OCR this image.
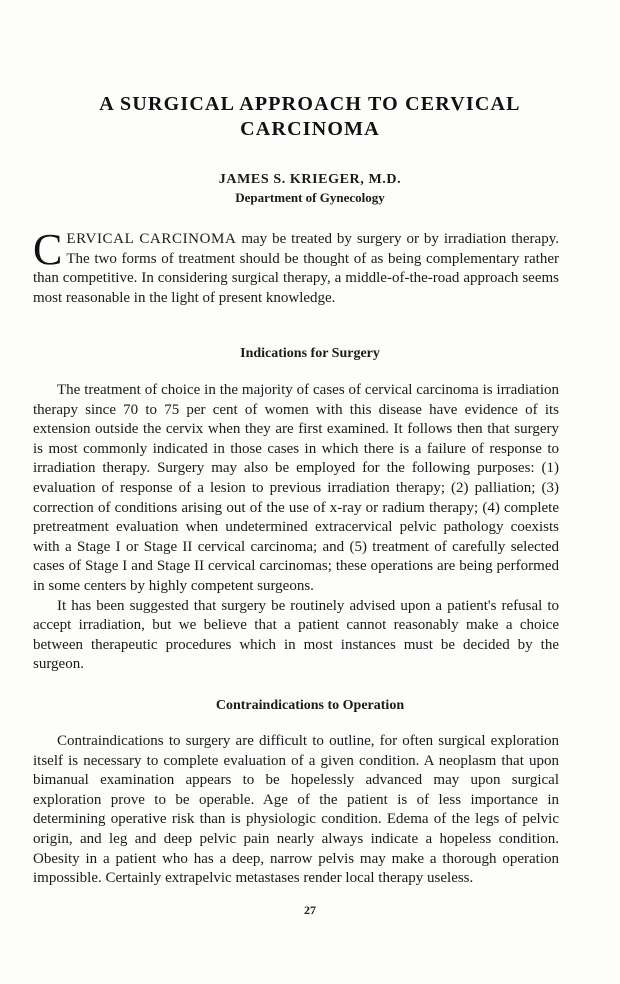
A SURGICAL APPROACH TO CERVICAL
CARCINOMA
JAMES S. KRIEGER, M.D.
Department of Gynecology
C ERVICAL CARCINOMA may be treated by surgery or by irradiation therapy. The two forms of treatment should be thought of as being complementary rather than competitive. In considering surgical therapy, a middle-of-the-road approach seems most reasonable in the light of present knowledge.

Indications for Surgery

The treatment of choice in the majority of cases of cervical carcinoma is irradiation therapy since 70 to 75 per cent of women with this disease have evidence of its extension outside the cervix when they are first examined. It follows then that surgery is most commonly indicated in those cases in which there is a failure of response to irradiation therapy. Surgery may also be employed for the following purposes: (1) evaluation of response of a lesion to previous irradiation therapy; (2) palliation; (3) correction of conditions arising out of the use of x-ray or radium therapy; (4) complete pretreatment evaluation when undetermined extracervical pelvic pathology coexists with a Stage I or Stage II cervical carcinoma; and (5) treatment of carefully selected cases of Stage I and Stage II cervical carcinomas; these operations are being performed in some centers by highly competent surgeons.

It has been suggested that surgery be routinely advised upon a patient's refusal to accept irradiation, but we believe that a patient cannot reasonably make a choice between therapeutic procedures which in most instances must be decided by the surgeon.

Contraindications to Operation

Contraindications to surgery are difficult to outline, for often surgical exploration itself is necessary to complete evaluation of a given condition. A neoplasm that upon bimanual examination appears to be hopelessly advanced may upon surgical exploration prove to be operable. Age of the patient is of less importance in determining operative risk than is physiologic condition. Edema of the legs of pelvic origin, and leg and deep pelvic pain nearly always indicate a hopeless condition. Obesity in a patient who has a deep, narrow pelvis may make a thorough operation impossible. Certainly extrapelvic metastases render local therapy useless.

27
